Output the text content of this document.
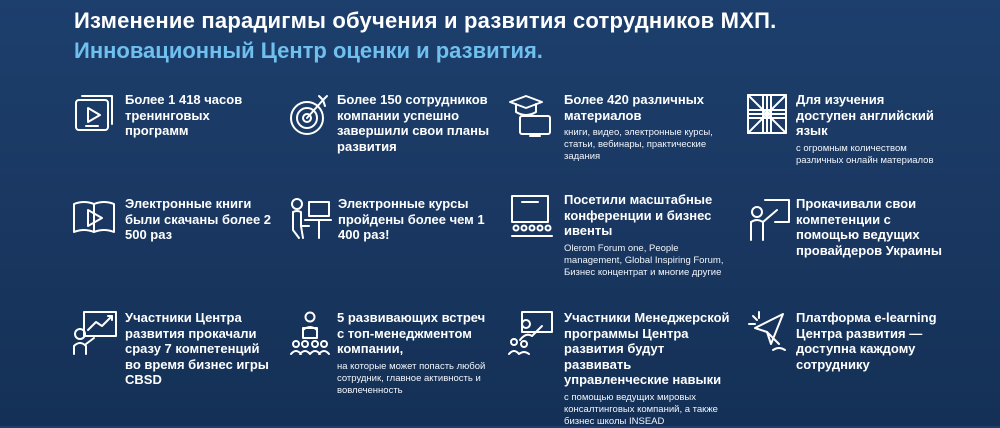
Изменение парадигмы обучения и развития сотрудников МХП.
Инновационный Центр оценки и развития.

Более 1 418 часов тренинговых программ

Более 150 сотрудников компании успешно завершили свои планы развития

Более 420 различных материалов

книги, видео, электронные курсы, статьи, вебинары, практические задания

Для изучения доступен английский язык

с огромным количеством различных онлайн материалов

Электронные книги были скачаны более 2 500 раз

Электронные курсы пройдены более чем 1 400 раз!

Посетили масштабные конференции и бизнес ивенты

Olerom Forum one, People management, Global Inspiring Forum, Бизнес концентрат и многие другие

Прокачивали свои компетенции с помощью ведущих провайдеров Украины

Участники Центра развития прокачали сразу 7 компетенций во время бизнес игры CBSD

5 развивающих встреч с топ-менеджментом компании,

на которые может попасть любой сотрудник, главное активность и вовлеченность

Участники Менеджерской программы Центра развития будут развивать управленческие навыки

с помощью ведущих мировых консалтинговых компаний, а также бизнес школы INSEAD

Платформа e-learning Центра развития — доступна каждому сотруднику
